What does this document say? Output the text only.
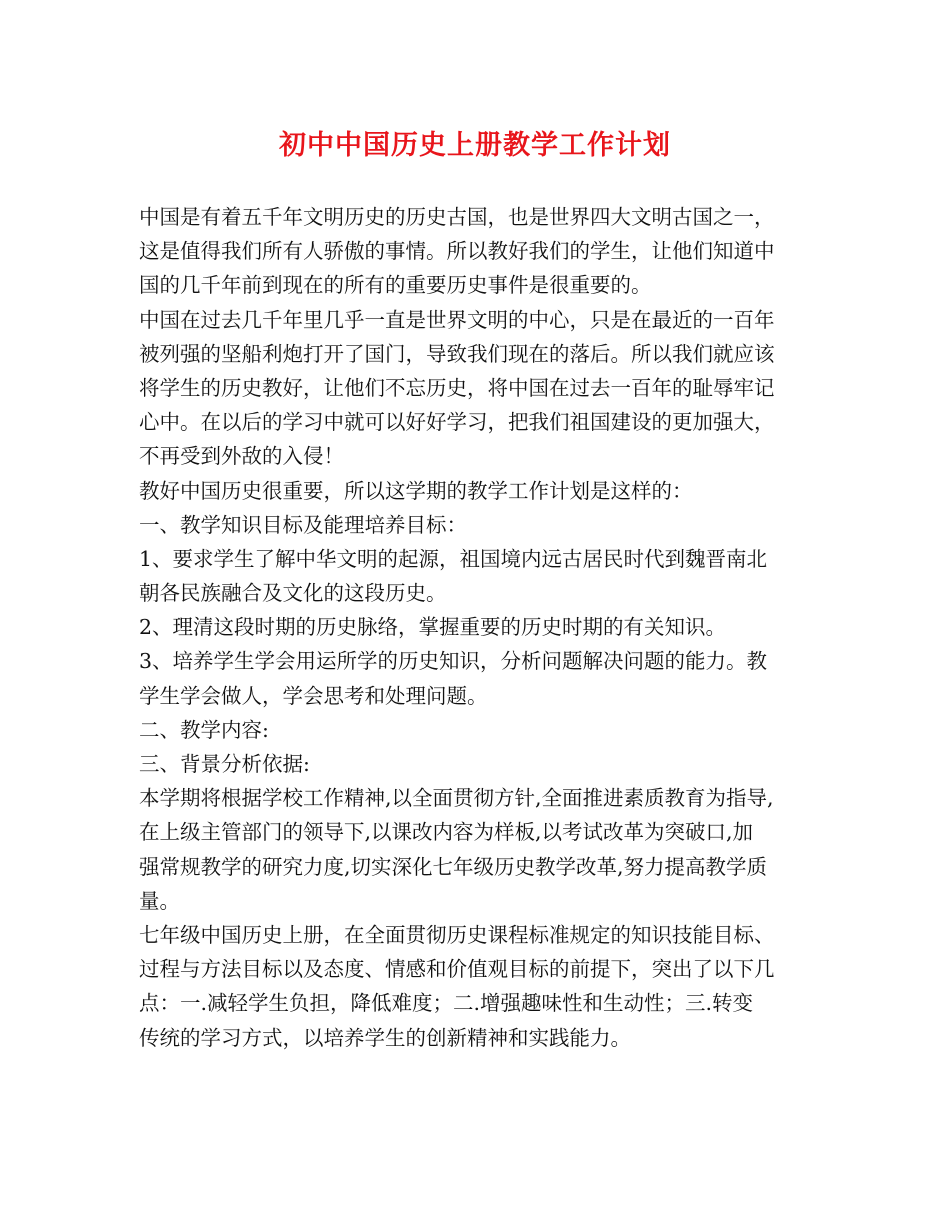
初中中国历史上册教学工作计划
中国是有着五千年文明历史的历史古国，也是世界四大文明古国之一，
这是值得我们所有人骄傲的事情。所以教好我们的学生，让他们知道中
国的几千年前到现在的所有的重要历史事件是很重要的。
中国在过去几千年里几乎一直是世界文明的中心，只是在最近的一百年
被列强的坚船利炮打开了国门，导致我们现在的落后。所以我们就应该
将学生的历史教好，让他们不忘历史，将中国在过去一百年的耻辱牢记
心中。在以后的学习中就可以好好学习，把我们祖国建设的更加强大，
不再受到外敌的入侵！
教好中国历史很重要，所以这学期的教学工作计划是这样的：
一、教学知识目标及能理培养目标：
1、要求学生了解中华文明的起源，祖国境内远古居民时代到魏晋南北
朝各民族融合及文化的这段历史。
2、理清这段时期的历史脉络，掌握重要的历史时期的有关知识。
3、培养学生学会用运所学的历史知识，分析问题解决问题的能力。教
学生学会做人，学会思考和处理问题。
二、教学内容:
三、背景分析依据:
本学期将根据学校工作精神,以全面贯彻方针,全面推进素质教育为指导,
在上级主管部门的领导下,以课改内容为样板,以考试改革为突破口,加
强常规教学的研究力度,切实深化七年级历史教学改革,努力提高教学质
量。
七年级中国历史上册，在全面贯彻历史课程标准规定的知识技能目标、
过程与方法目标以及态度、情感和价值观目标的前提下，突出了以下几
点：一.减轻学生负担，降低难度；二.增强趣味性和生动性；三.转变
传统的学习方式，以培养学生的创新精神和实践能力。
